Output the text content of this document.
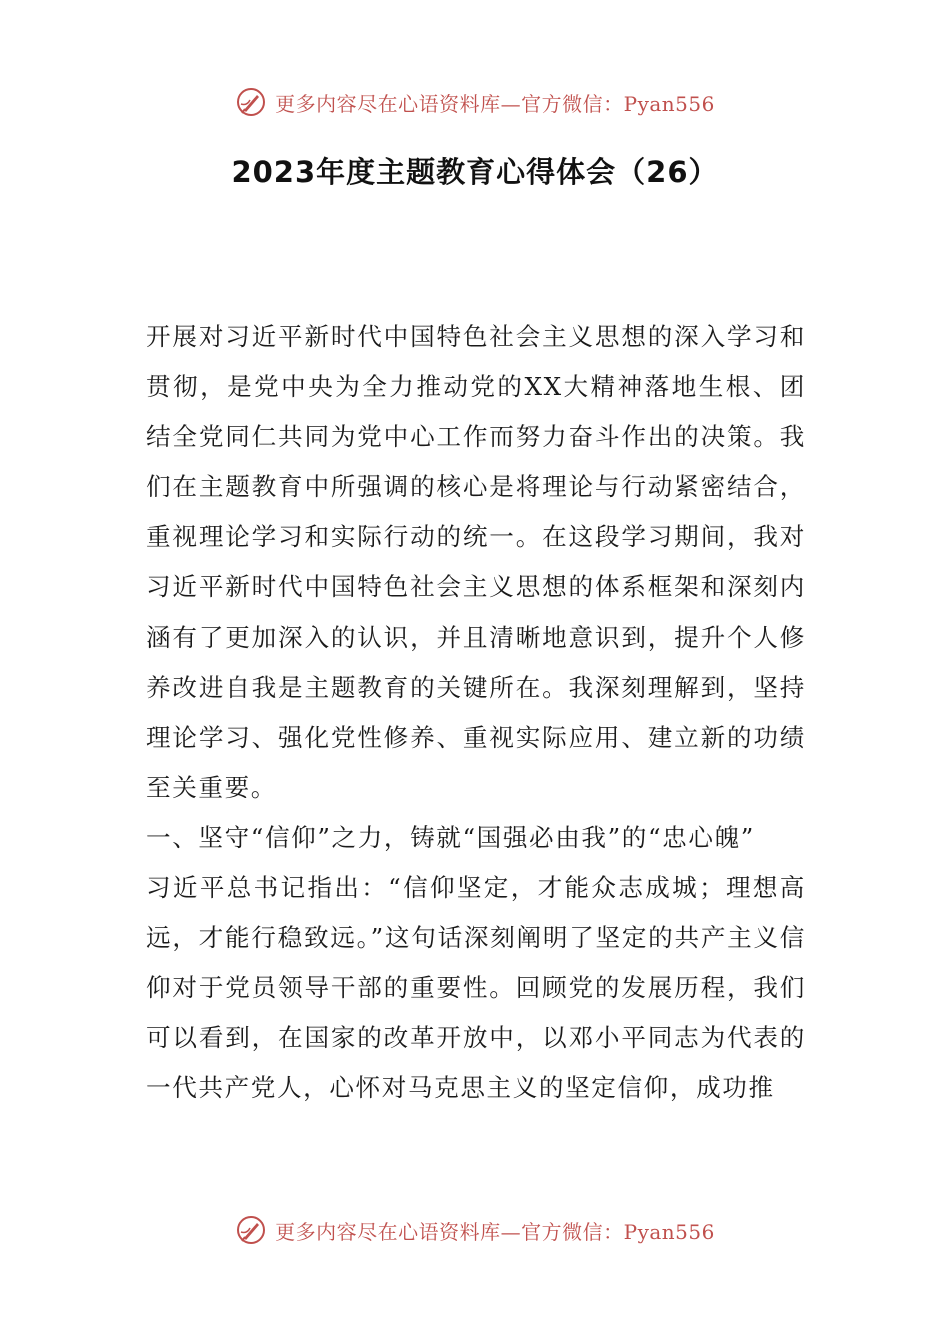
更多内容尽在心语资料库—官方微信：Pyan556
2023年度主题教育心得体会（26）

开展对习近平新时代中国特色社会主义思想的深入学习和贯彻，是党中央为全力推动党的XX大精神落地生根、团结全党同仁共同为党中心工作而努力奋斗作出的决策。我们在主题教育中所强调的核心是将理论与行动紧密结合，重视理论学习和实际行动的统一。在这段学习期间，我对习近平新时代中国特色社会主义思想的体系框架和深刻内涵有了更加深入的认识，并且清晰地意识到，提升个人修养改进自我是主题教育的关键所在。我深刻理解到，坚持理论学习、强化党性修养、重视实际应用、建立新的功绩至关重要。

一、坚守“信仰”之力，铸就“国强必由我”的“忠心魄”

习近平总书记指出：“信仰坚定，才能众志成城；理想高远，才能行稳致远。”这句话深刻阐明了坚定的共产主义信仰对于党员领导干部的重要性。回顾党的发展历程，我们可以看到，在国家的改革开放中，以邓小平同志为代表的一代共产党人，心怀对马克思主义的坚定信仰，成功推

更多内容尽在心语资料库—官方微信：Pyan556
